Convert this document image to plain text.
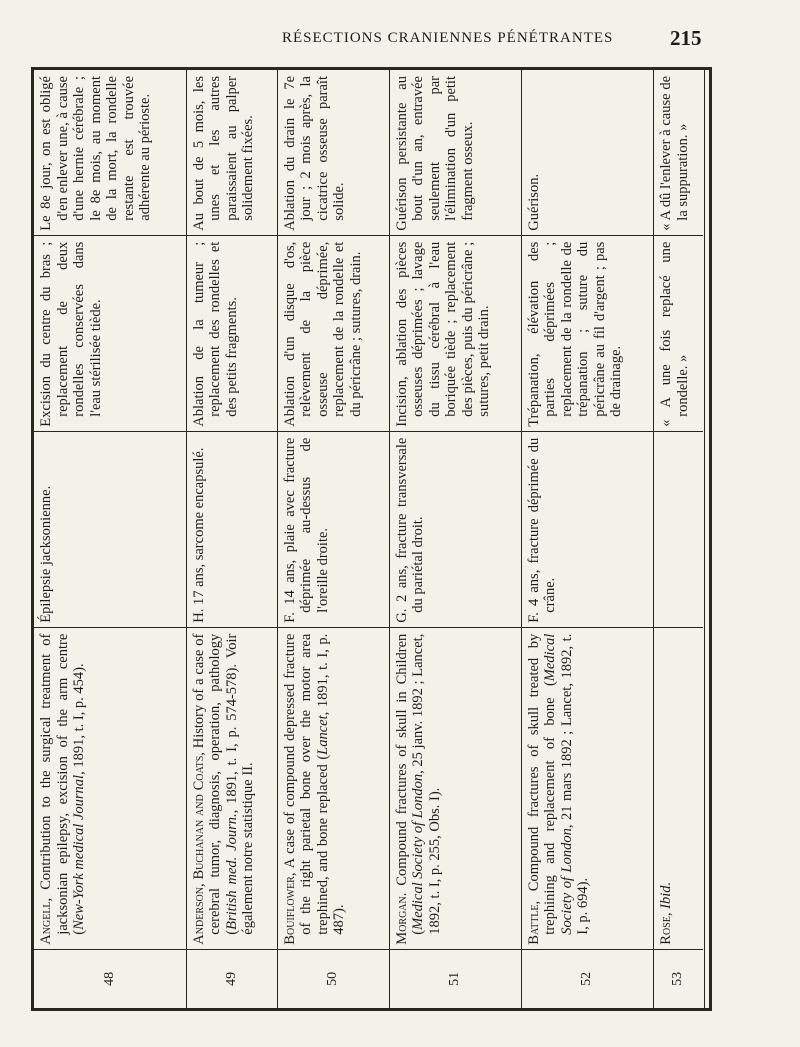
RÉSECTIONS CRANIENNES PÉNÉTRANTES	215
48	Angell, Contribution to the surgical treatment of jacksonian epilepsy, excision of the arm centre (New-York medical Journal, 1891, t. I, p. 454).	Épilepsie jacksonienne.	Excision du centre du bras ; replacement de deux rondelles conservées dans l'eau stérilisée tiède.	Le 8e jour, on est obligé d'en enlever une, à cause d'une hernie cérébrale ; le 8e mois, au moment de la mort, la rondelle restante est trouvée adhérente au périoste.
49	Anderson, Buchanan and Coats, History of a case of cerebral tumor, diagnosis, operation, pathology (British med. Journ., 1891, t. I, p. 574-578). Voir également notre statistique II.	H. 17 ans, sarcome encapsulé.	Ablation de la tumeur ; replacement des rondelles et des petits fragments.	Au bout de 5 mois, les unes et les autres paraissaient au palper solidement fixées.
50	Bouiflower, A case of compound depressed fracture of the right parietal bone over the motor area trephined, and bone replaced (Lancet, 1891, t. I, p. 487).	F. 14 ans, plaie avec fracture déprimée au-dessus de l'oreille droite.	Ablation d'un disque d'os, relèvement de la pièce osseuse déprimée, replacement de la rondelle et du péricrâne ; sutures, drain.	Ablation du drain le 7e jour ; 2 mois après, la cicatrice osseuse paraît solide.
51	Morgan. Compound fractures of skull in Children (Medical Society of London, 25 janv. 1892 ; Lancet, 1892, t. I, p. 255, Obs. I).	G. 2 ans, fracture transversale du pariétal droit.	Incision, ablation des pièces osseuses déprimées ; lavage du tissu cérébral à l'eau boriquée tiède ; replacement des pièces, puis du péricrâne ; sutures, petit drain.	Guérison persistante au bout d'un an, entravée seulement par l'élimination d'un petit fragment osseux.
52	Battle, Compound fractures of skull treated by trephining and replacement of bone (Medical Society of London, 21 mars 1892 ; Lancet, 1892, t. I, p. 694).	F. 4 ans, fracture déprimée du crâne.	Trépanation, élévation des parties déprimées ; replacement de la rondelle de trépanation ; suture du péricrâne au fil d'argent ; pas de drainage.	Guérison.
53	Rose, Ibid.		« A une fois replacé une rondelle. »	« A dû l'enlever à cause de la suppuration. »
